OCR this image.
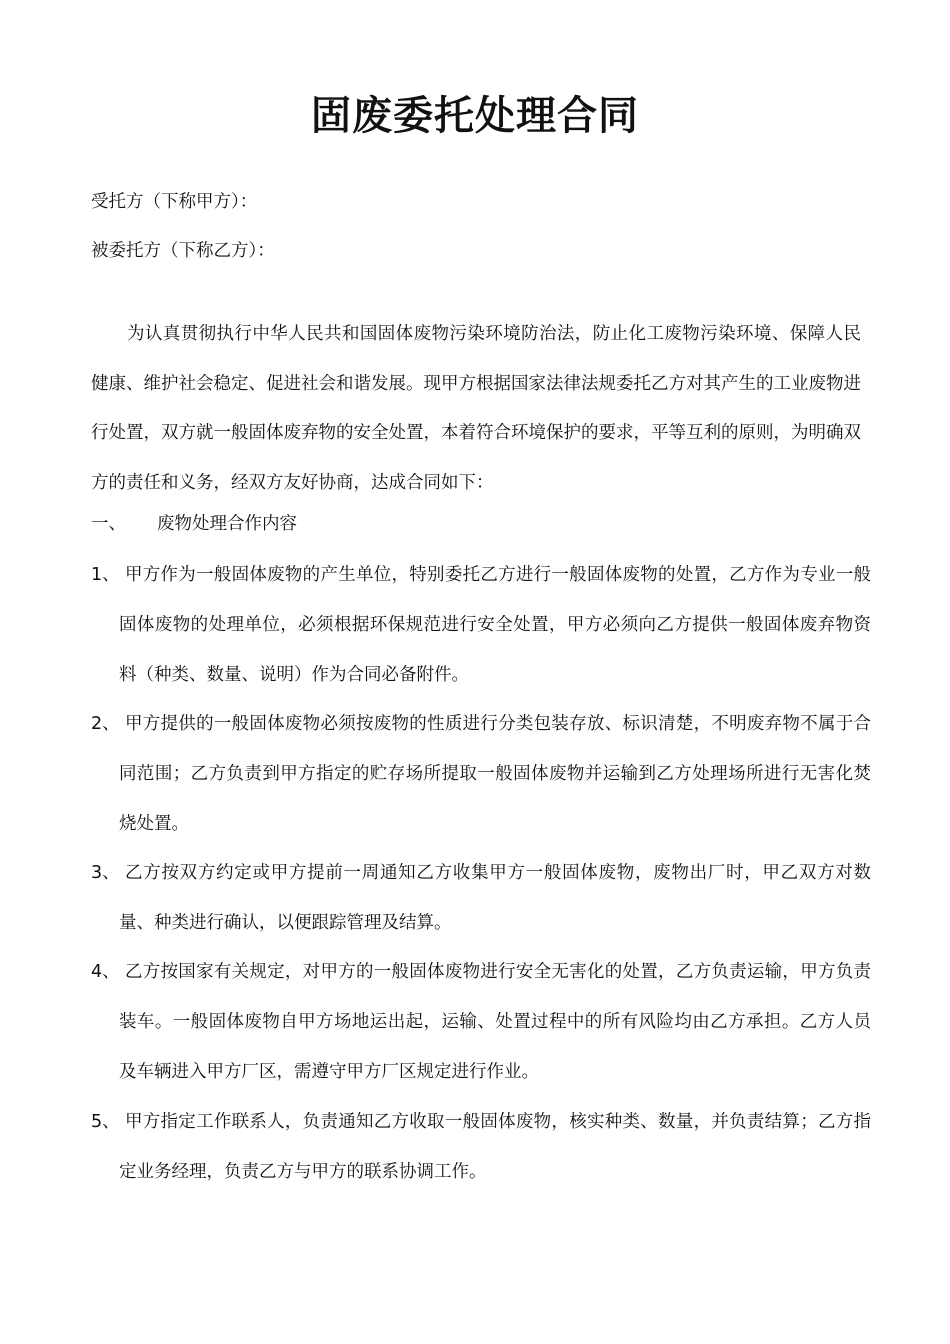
固废委托处理合同

受托方（下称甲方）：

被委托方（下称乙方）：

为认真贯彻执行中华人民共和国固体废物污染环境防治法，防止化工废物污染环境、保障人民健康、维护社会稳定、促进社会和谐发展。现甲方根据国家法律法规委托乙方对其产生的工业废物进行处置，双方就一般固体废弃物的安全处置，本着符合环境保护的要求，平等互利的原则，为明确双方的责任和义务，经双方友好协商，达成合同如下：

一、 废物处理合作内容

1、 甲方作为一般固体废物的产生单位，特别委托乙方进行一般固体废物的处置，乙方作为专业一般固体废物的处理单位，必须根据环保规范进行安全处置，甲方必须向乙方提供一般固体废弃物资料（种类、数量、说明）作为合同必备附件。
2、 甲方提供的一般固体废物必须按废物的性质进行分类包装存放、标识清楚，不明废弃物不属于合同范围；乙方负责到甲方指定的贮存场所提取一般固体废物并运输到乙方处理场所进行无害化焚烧处置。
3、 乙方按双方约定或甲方提前一周通知乙方收集甲方一般固体废物，废物出厂时，甲乙双方对数量、种类进行确认，以便跟踪管理及结算。
4、 乙方按国家有关规定，对甲方的一般固体废物进行安全无害化的处置，乙方负责运输，甲方负责装车。一般固体废物自甲方场地运出起，运输、处置过程中的所有风险均由乙方承担。乙方人员及车辆进入甲方厂区，需遵守甲方厂区规定进行作业。
5、 甲方指定工作联系人，负责通知乙方收取一般固体废物，核实种类、数量，并负责结算；乙方指定业务经理，负责乙方与甲方的联系协调工作。
